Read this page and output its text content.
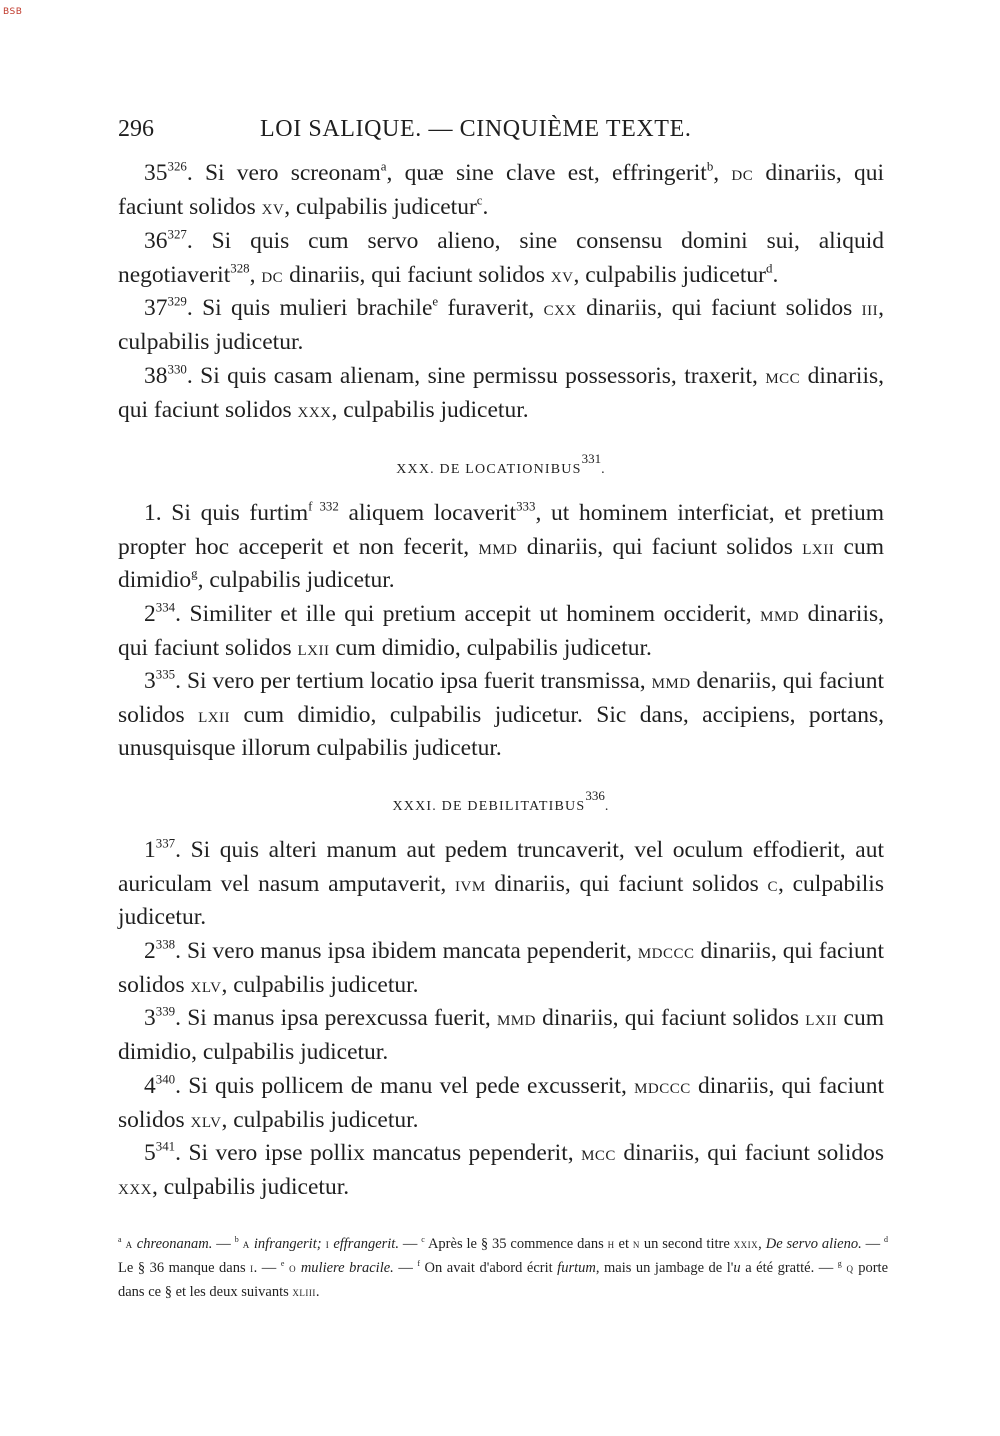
BSB
296	LOI SALIQUE. — CINQUIÈME TEXTE.

$35^{326}$. Si vero screonam$^a$, quæ sine clave est, effringerit$^b$, dc dinariis, qui faciunt solidos xv, culpabilis judicetur$^c$.

$36^{327}$. Si quis cum servo alieno, sine consensu domini sui, aliquid negotiaverit$^{328}$, dc dinariis, qui faciunt solidos xv, culpabilis judicetur$^d$.

$37^{329}$. Si quis mulieri brachile$^e$ furaverit, cxx dinariis, qui faciunt solidos iii, culpabilis judicetur.

$38^{330}$. Si quis casam alienam, sine permissu possessoris, traxerit, mcc dinariis, qui faciunt solidos xxx, culpabilis judicetur.

XXX. DE LOCATIONIBUS$^{331}$.

1. Si quis furtim$^{f 332}$ aliquem locaverit$^{333}$, ut hominem interficiat, et pretium propter hoc acceperit et non fecerit, mmd dinariis, qui faciunt solidos lxii cum dimidio$^g$, culpabilis judicetur.

$2^{334}$. Similiter et ille qui pretium accepit ut hominem occiderit, mmd dinariis, qui faciunt solidos lxii cum dimidio, culpabilis judicetur.

$3^{335}$. Si vero per tertium locatio ipsa fuerit transmissa, mmd denariis, qui faciunt solidos lxii cum dimidio, culpabilis judicetur. Sic dans, accipiens, portans, unusquisque illorum culpabilis judicetur.

XXXI. DE DEBILITATIBUS$^{336}$.

$1^{337}$. Si quis alteri manum aut pedem truncaverit, vel oculum effodierit, aut auriculam vel nasum amputaverit, ivm dinariis, qui faciunt solidos c, culpabilis judicetur.

$2^{338}$. Si vero manus ipsa ibidem mancata pependerit, mdccc dinariis, qui faciunt solidos xlv, culpabilis judicetur.

$3^{339}$. Si manus ipsa perexcussa fuerit, mmd dinariis, qui faciunt solidos lxii cum dimidio, culpabilis judicetur.

$4^{340}$. Si quis pollicem de manu vel pede excusserit, mdccc dinariis, qui faciunt solidos xlv, culpabilis judicetur.

$5^{341}$. Si vero ipse pollix mancatus pependerit, mcc dinariis, qui faciunt solidos xxx, culpabilis judicetur.

$^a$ a chreonanam. — $^b$ a infrangerit; i effrangerit. — $^c$ Après le § 35 commence dans h et n un second titre xxix, De servo alieno. — $^d$ Le § 36 manque dans i. — $^e$ o muliere bracile. — $^f$ On avait d'abord écrit furtum, mais un jambage de l'u a été gratté. — $^g$ q porte dans ce § et les deux suivants xliii.
